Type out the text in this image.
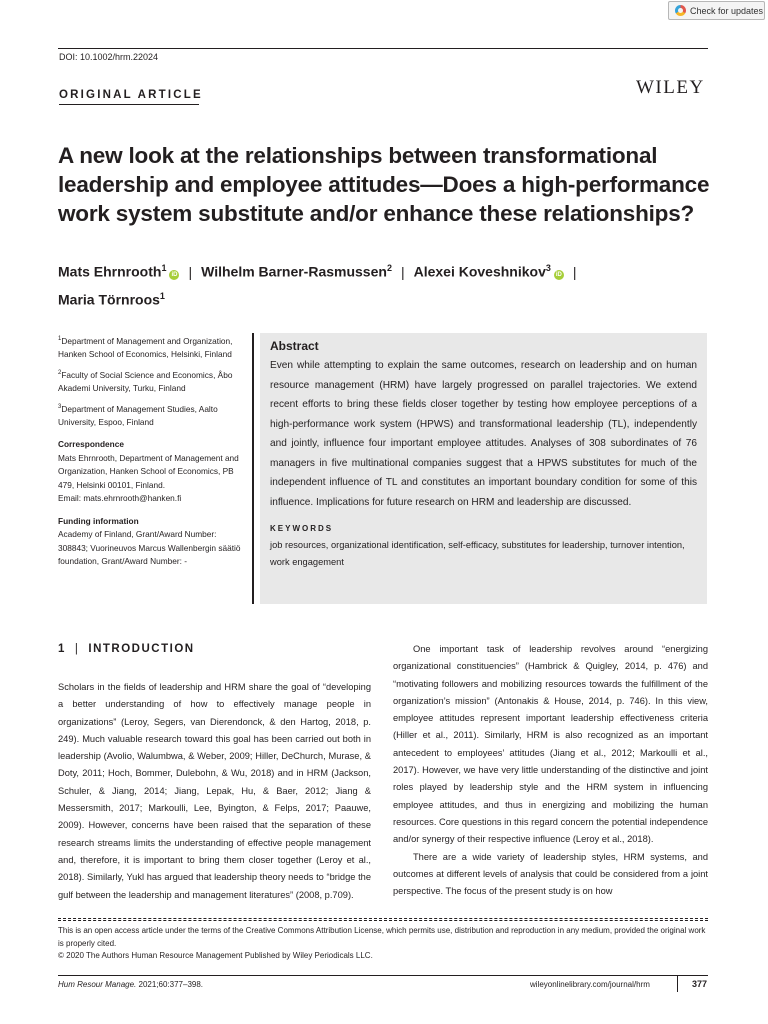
Check for updates
DOI: 10.1002/hrm.22024
ORIGINAL ARTICLE	WILEY
A new look at the relationships between transformational leadership and employee attitudes—Does a high-performance work system substitute and/or enhance these relationships?
Mats Ehrnrooth$^1$iD | Wilhelm Barner-Rasmussen$^2$ | Alexei Koveshnikov$^3$iD |
Maria Törnroos$^1$

$^1$Department of Management and Organization, Hanken School of Economics, Helsinki, Finland

$^2$Faculty of Social Science and Economics, Åbo Akademi University, Turku, Finland

$^3$Department of Management Studies, Aalto University, Espoo, Finland

Correspondence

Mats Ehrnrooth, Department of Management and Organization, Hanken School of Economics, PB 479, Helsinki 00101, Finland.

Email: mats.ehrnrooth@hanken.fi

Funding information

Academy of Finland, Grant/Award Number: 308843; Vuorineuvos Marcus Wallenbergin säätiö foundation, Grant/Award Number: -

Abstract

Even while attempting to explain the same outcomes, research on leadership and on human resource management (HRM) have largely progressed on parallel trajectories. We extend recent efforts to bring these fields closer together by testing how employee perceptions of a high-performance work system (HPWS) and transformational leadership (TL), independently and jointly, influence four important employee attitudes. Analyses of 308 subordinates of 76 managers in five multinational companies suggest that a HPWS substitutes for much of the independent influence of TL and constitutes an important boundary condition for some of this influence. Implications for future research on HRM and leadership are discussed.

KEYWORDS

job resources, organizational identification, self-efficacy, substitutes for leadership, turnover intention, work engagement

1 | INTRODUCTION

Scholars in the fields of leadership and HRM share the goal of “developing a better understanding of how to effectively manage people in organizations” (Leroy, Segers, van Dierendonck, & den Hartog, 2018, p. 249). Much valuable research toward this goal has been carried out both in leadership (Avolio, Walumbwa, & Weber, 2009; Hiller, DeChurch, Murase, & Doty, 2011; Hoch, Bommer, Dulebohn, & Wu, 2018) and in HRM (Jackson, Schuler, & Jiang, 2014; Jiang, Lepak, Hu, & Baer, 2012; Jiang & Messersmith, 2017; Markoulli, Lee, Byington, & Felps, 2017; Paauwe, 2009). However, concerns have been raised that the separation of these research streams limits the understanding of effective people management and, therefore, it is important to bring them closer together (Leroy et al., 2018). Similarly, Yukl has argued that leadership theory needs to “bridge the gulf between the leadership and management literatures” (2008, p.709).

One important task of leadership revolves around “energizing organizational constituencies” (Hambrick & Quigley, 2014, p. 476) and “motivating followers and mobilizing resources towards the fulfillment of the organization’s mission” (Antonakis & House, 2014, p. 746). In this view, employee attitudes represent important leadership effectiveness criteria (Hiller et al., 2011). Similarly, HRM is also recognized as an important antecedent to employees’ attitudes (Jiang et al., 2012; Markoulli et al., 2017). However, we have very little understanding of the distinctive and joint roles played by leadership style and the HRM system in influencing employee attitudes, and thus in energizing and mobilizing the human resources. Core questions in this regard concern the potential independence and/or synergy of their respective influence (Leroy et al., 2018).

There are a wide variety of leadership styles, HRM systems, and outcomes at different levels of analysis that could be considered from a joint perspective. The focus of the present study is on how

This is an open access article under the terms of the Creative Commons Attribution License, which permits use, distribution and reproduction in any medium, provided the original work is properly cited.

© 2020 The Authors Human Resource Management Published by Wiley Periodicals LLC.

Hum Resour Manage. 2021;60:377–398.	wileyonlinelibrary.com/journal/hrm	377
